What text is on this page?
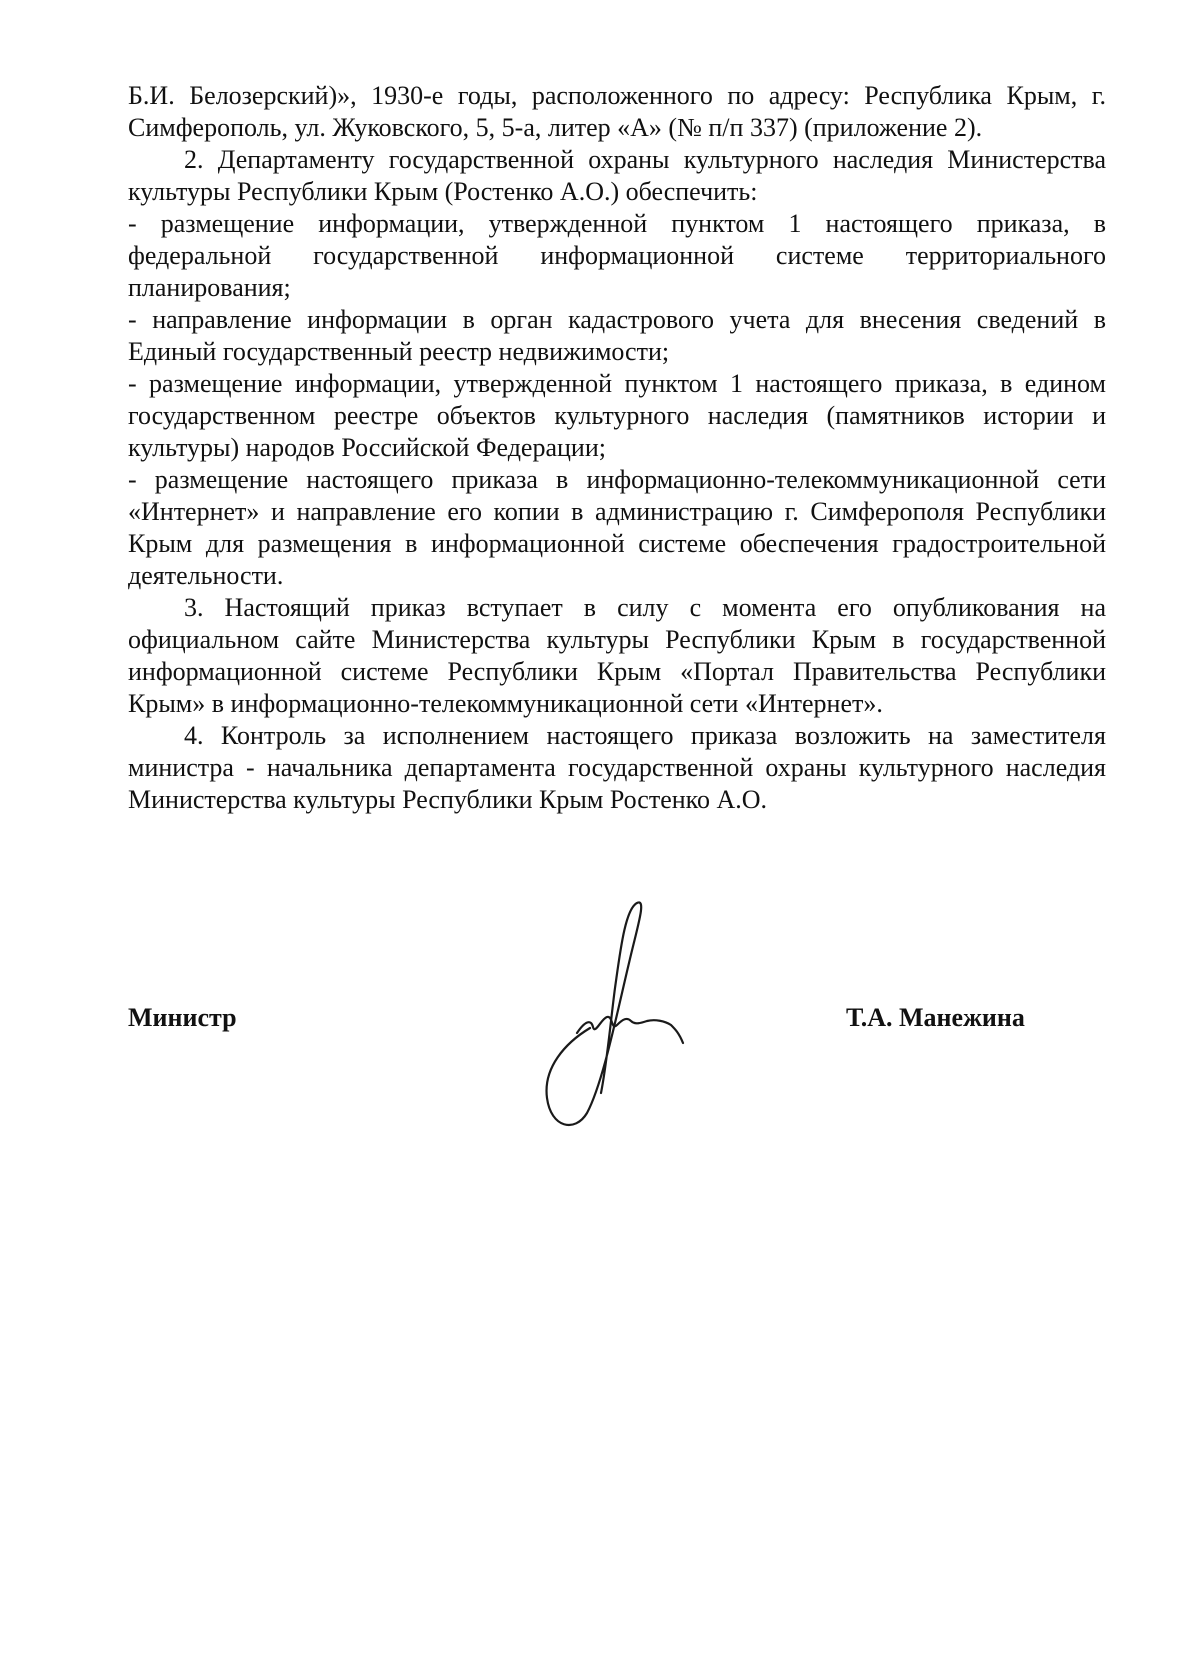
Б.И. Белозерский)», 1930-е годы, расположенного по адресу: Республика Крым, г. Симферополь, ул. Жуковского, 5, 5-а, литер «А» (№ п/п 337) (приложение 2).

2. Департаменту государственной охраны культурного наследия Министерства культуры Республики Крым (Ростенко А.О.) обеспечить:

- размещение информации, утвержденной пунктом 1 настоящего приказа, в федеральной государственной информационной системе территориального планирования;

- направление информации в орган кадастрового учета для внесения сведений в Единый государственный реестр недвижимости;

- размещение информации, утвержденной пунктом 1 настоящего приказа, в едином государственном реестре объектов культурного наследия (памятников истории и культуры) народов Российской Федерации;

- размещение настоящего приказа в информационно-телекоммуникационной сети «Интернет» и направление его копии в администрацию г. Симферополя Республики Крым для размещения в информационной системе обеспечения градостроительной деятельности.

3. Настоящий приказ вступает в силу с момента его опубликования на официальном сайте Министерства культуры Республики Крым в государственной информационной системе Республики Крым «Портал Правительства Республики Крым» в информационно-телекоммуникационной сети «Интернет».

4. Контроль за исполнением настоящего приказа возложить на заместителя министра - начальника департамента государственной охраны культурного наследия Министерства культуры Республики Крым Ростенко А.О.

Министр	Т.А. Манежина
